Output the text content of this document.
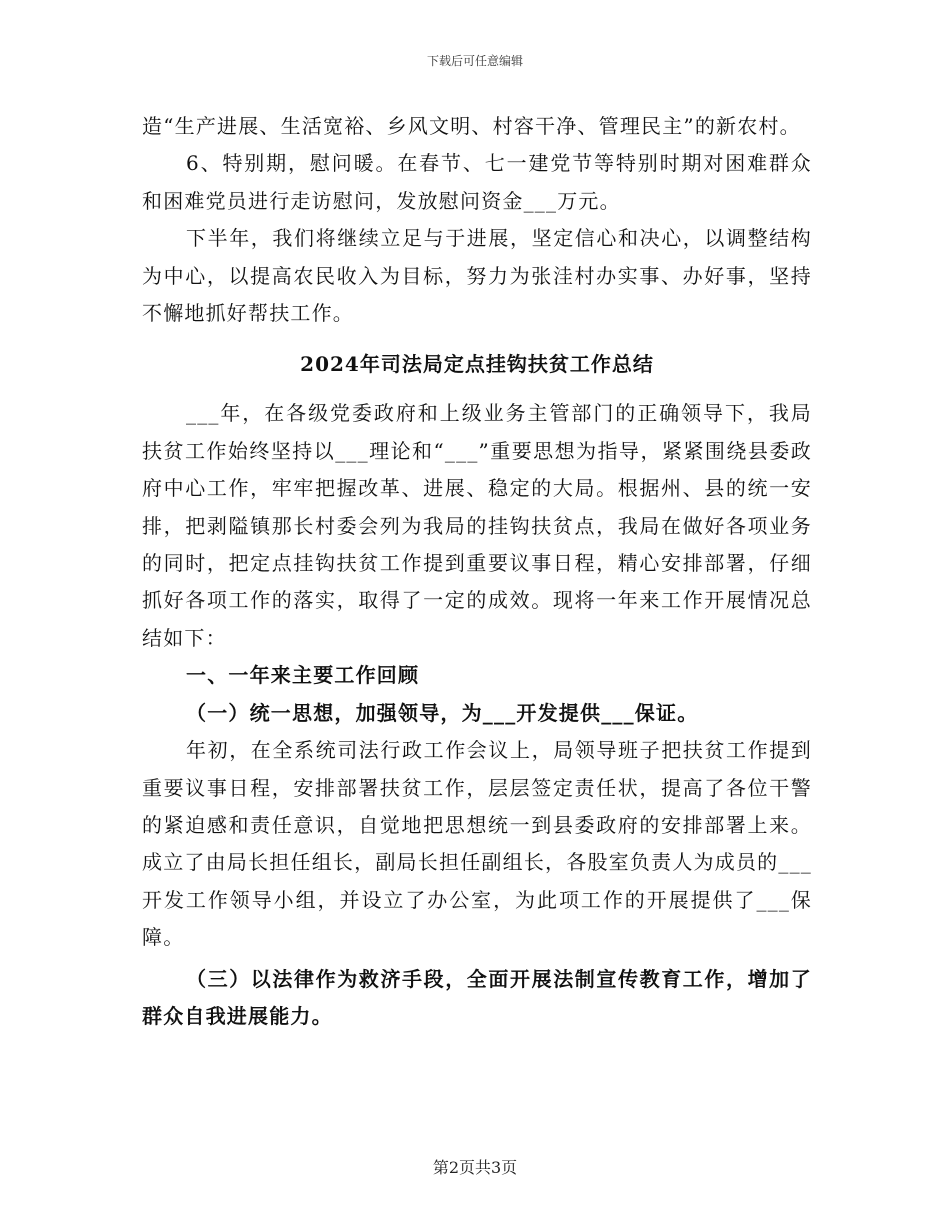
下载后可任意编辑

造“生产进展、生活宽裕、乡风文明、村容干净、管理民主”的新农村。

6、特别期，慰问暖。在春节、七一建党节等特别时期对困难群众和困难党员进行走访慰问，发放慰问资金___万元。

下半年，我们将继续立足与于进展，坚定信心和决心，以调整结构为中心，以提高农民收入为目标，努力为张洼村办实事、办好事，坚持不懈地抓好帮扶工作。

2024年司法局定点挂钩扶贫工作总结

___年，在各级党委政府和上级业务主管部门的正确领导下，我局扶贫工作始终坚持以___理论和“___”重要思想为指导，紧紧围绕县委政府中心工作，牢牢把握改革、进展、稳定的大局。根据州、县的统一安排，把剥隘镇那长村委会列为我局的挂钩扶贫点，我局在做好各项业务的同时，把定点挂钩扶贫工作提到重要议事日程，精心安排部署，仔细抓好各项工作的落实，取得了一定的成效。现将一年来工作开展情况总结如下：

一、一年来主要工作回顾

（一）统一思想，加强领导，为___开发提供___保证。

年初，在全系统司法行政工作会议上，局领导班子把扶贫工作提到重要议事日程，安排部署扶贫工作，层层签定责任状，提高了各位干警的紧迫感和责任意识，自觉地把思想统一到县委政府的安排部署上来。成立了由局长担任组长，副局长担任副组长，各股室负责人为成员的___开发工作领导小组，并设立了办公室，为此项工作的开展提供了___保障。

（三）以法律作为救济手段，全面开展法制宣传教育工作，增加了群众自我进展能力。

第2页共3页
